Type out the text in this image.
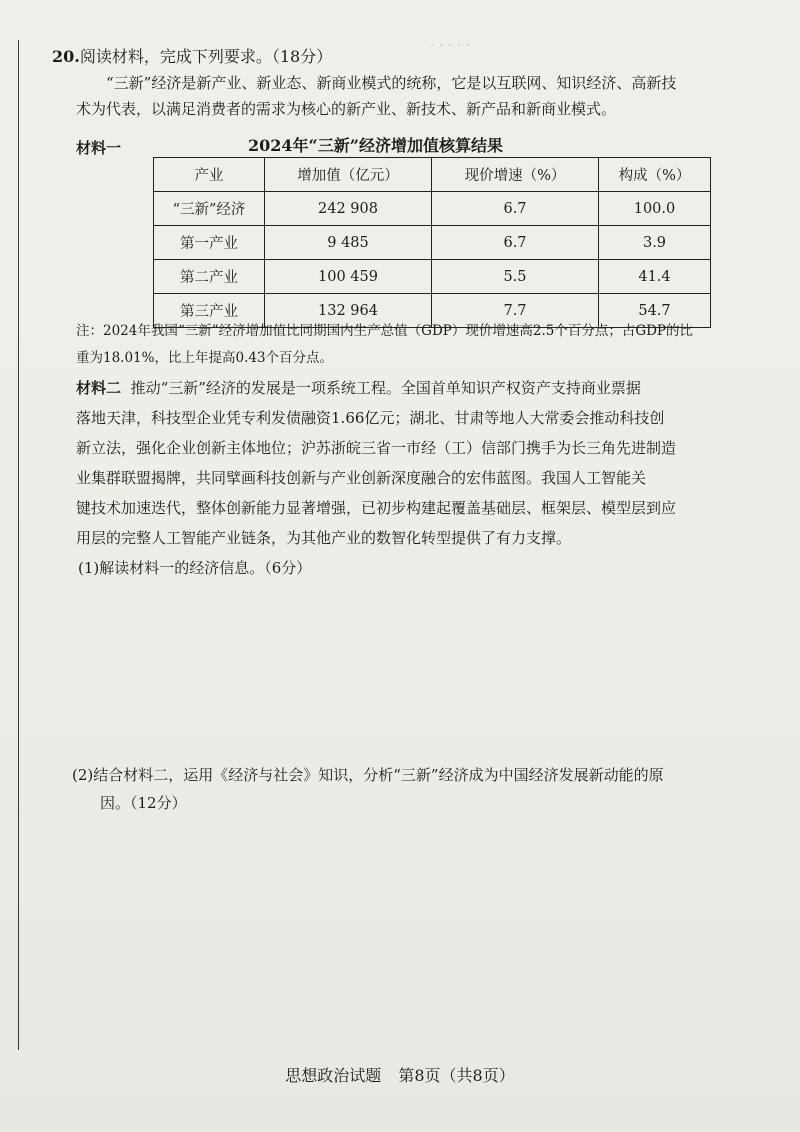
· · · · ·
20.阅读材料，完成下列要求。（18分）
“三新”经济是新产业、新业态、新商业模式的统称，它是以互联网、知识经济、高新技
术为代表，以满足消费者的需求为核心的新产业、新技术、新产品和新商业模式。
材料一	2024年“三新”经济增加值核算结果
产业	增加值（亿元）	现价增速（%）	构成（%）
“三新”经济	242 908	6.7	100.0
第一产业	9 485	6.7	3.9
第二产业	100 459	5.5	41.4
第三产业	132 964	7.7	54.7
注：2024年我国“三新”经济增加值比同期国内生产总值（GDP）现价增速高2.5个百分点；占GDP的比
重为18.01%，比上年提高0.43个百分点。
材料二 推动“三新”经济的发展是一项系统工程。全国首单知识产权资产支持商业票据
落地天津，科技型企业凭专利发债融资1.66亿元；湖北、甘肃等地人大常委会推动科技创
新立法，强化企业创新主体地位；沪苏浙皖三省一市经（工）信部门携手为长三角先进制造
业集群联盟揭牌，共同擘画科技创新与产业创新深度融合的宏伟蓝图。我国人工智能关
键技术加速迭代，整体创新能力显著增强，已初步构建起覆盖基础层、框架层、模型层到应
用层的完整人工智能产业链条，为其他产业的数智化转型提供了有力支撑。
(1)解读材料一的经济信息。（6分）
(2)结合材料二，运用《经济与社会》知识，分析“三新”经济成为中国经济发展新动能的原
因。（12分）
思想政治试题 第8页（共8页）
